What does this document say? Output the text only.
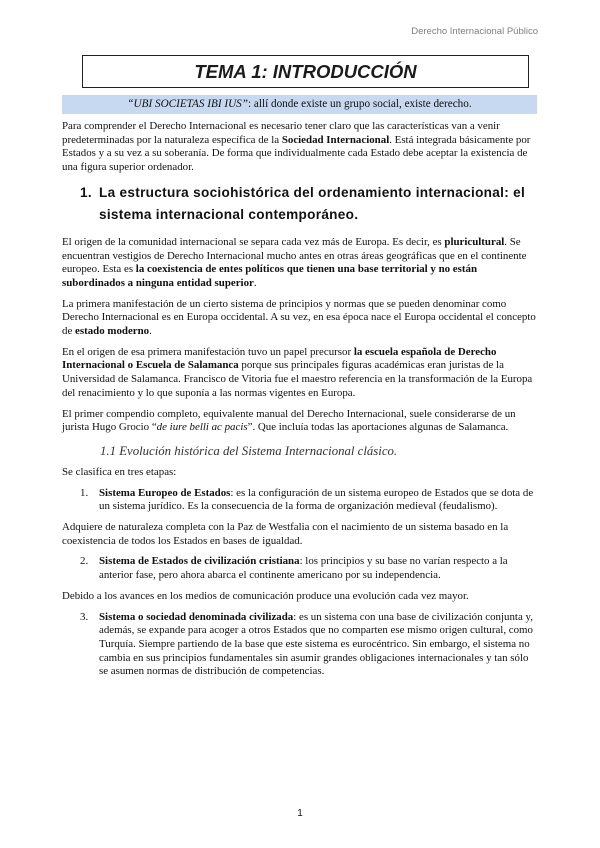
Derecho Internacional Público
TEMA 1: INTRODUCCIÓN
“UBI SOCIETAS IBI IUS”: allí donde existe un grupo social, existe derecho.

Para comprender el Derecho Internacional es necesario tener claro que las características van a venir predeterminadas por la naturaleza específica de la Sociedad Internacional. Está integrada básicamente por Estados y a su vez a su soberanía. De forma que individualmente cada Estado debe aceptar la existencia de una figura superior ordenador.

1. La estructura sociohistórica del ordenamiento internacional: el sistema internacional contemporáneo.

El origen de la comunidad internacional se separa cada vez más de Europa. Es decir, es pluricultural. Se encuentran vestigios de Derecho Internacional mucho antes en otras áreas geográficas que en el continente europeo. Esta es la coexistencia de entes políticos que tienen una base territorial y no están subordinados a ninguna entidad superior.

La primera manifestación de un cierto sistema de principios y normas que se pueden denominar como Derecho Internacional es en Europa occidental. A su vez, en esa época nace el Europa occidental el concepto de estado moderno.

En el origen de esa primera manifestación tuvo un papel precursor la escuela española de Derecho Internacional o Escuela de Salamanca porque sus principales figuras académicas eran juristas de la Universidad de Salamanca. Francisco de Vitoria fue el maestro referencia en la transformación de la Europa del renacimiento y lo que suponía a las normas vigentes en Europa.

El primer compendio completo, equivalente manual del Derecho Internacional, suele considerarse de un jurista Hugo Grocio “de iure belli ac pacis”. Que incluía todas las aportaciones algunas de Salamanca.

1.1 Evolución histórica del Sistema Internacional clásico.

Se clasifica en tres etapas:

1. Sistema Europeo de Estados: es la configuración de un sistema europeo de Estados que se dota de un sistema jurídico. Es la consecuencia de la forma de organización medieval (feudalismo).

Adquiere de naturaleza completa con la Paz de Westfalia con el nacimiento de un sistema basado en la coexistencia de todos los Estados en bases de igualdad.

2. Sistema de Estados de civilización cristiana: los principios y su base no varían respecto a la anterior fase, pero ahora abarca el continente americano por su independencia.

Debido a los avances en los medios de comunicación produce una evolución cada vez mayor.

3. Sistema o sociedad denominada civilizada: es un sistema con una base de civilización conjunta y, además, se expande para acoger a otros Estados que no comparten ese mismo origen cultural, como Turquía. Siempre partiendo de la base que este sistema es eurocéntrico. Sin embargo, el sistema no cambia en sus principios fundamentales sin asumir grandes obligaciones internacionales y tan sólo se asumen normas de distribución de competencias.
1
